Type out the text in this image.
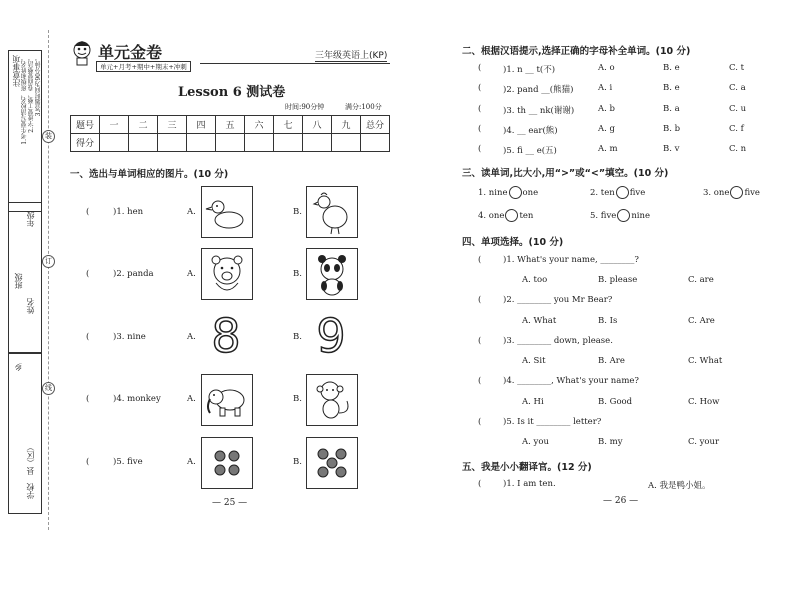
注意事项 1.考生要写清校名、班级和姓名。 2.字迹要工整、卷面要整洁。 3.答题时间为90分钟。
班级
年级
姓名
乡
县（区）
学校
装
订
线
单元金卷
单元+月考+期中+期末+冲刺
三年级英语上(KP)
Lesson 6 测试卷
时间:90分钟	满分:100分
题号	一	二	三	四	五	六	七	八	九	总分
得分										
一、选出与单词相应的图片。(10 分)
(	)1. hen	A.	B.
(	)2. panda	A.	B.
(	)3. nine	A.	B.
8 9
(	)4. monkey	A.	B.
(	)5. five	A.	B.
— 25 —
二、根据汉语提示,选择正确的字母补全单词。(10 分)
(	)1. n __ t(不)	A. o	B. e	C. t
(	)2. pand __(熊猫)	A. i	B. e	C. a
(	)3. th __ nk(谢谢)	A. b	B. a	C. u
(	)4. __ ear(熊)	A. g	B. b	C. f
(	)5. fi __ e(五)	A. m	B. v	C. n
三、读单词,比大小,用“>”或“<”填空。(10 分)
1. nine one	2. ten five	3. one five
4. one ten	5. five nine
四、单项选择。(10 分)
(	)1. What's your name, ________?
A. too	B. please	C. are
(	)2. ________ you Mr Bear?
A. What	B. Is	C. Are
(	)3. ________ down, please.
A. Sit	B. Are	C. What
(	)4. ________, What's your name?
A. Hi	B. Good	C. How
(	)5. Is it ________ letter?
A. you	B. my	C. your
五、我是小小翻译官。(12 分)
(	)1. I am ten.	A. 我是鸭小姐。
— 26 —
